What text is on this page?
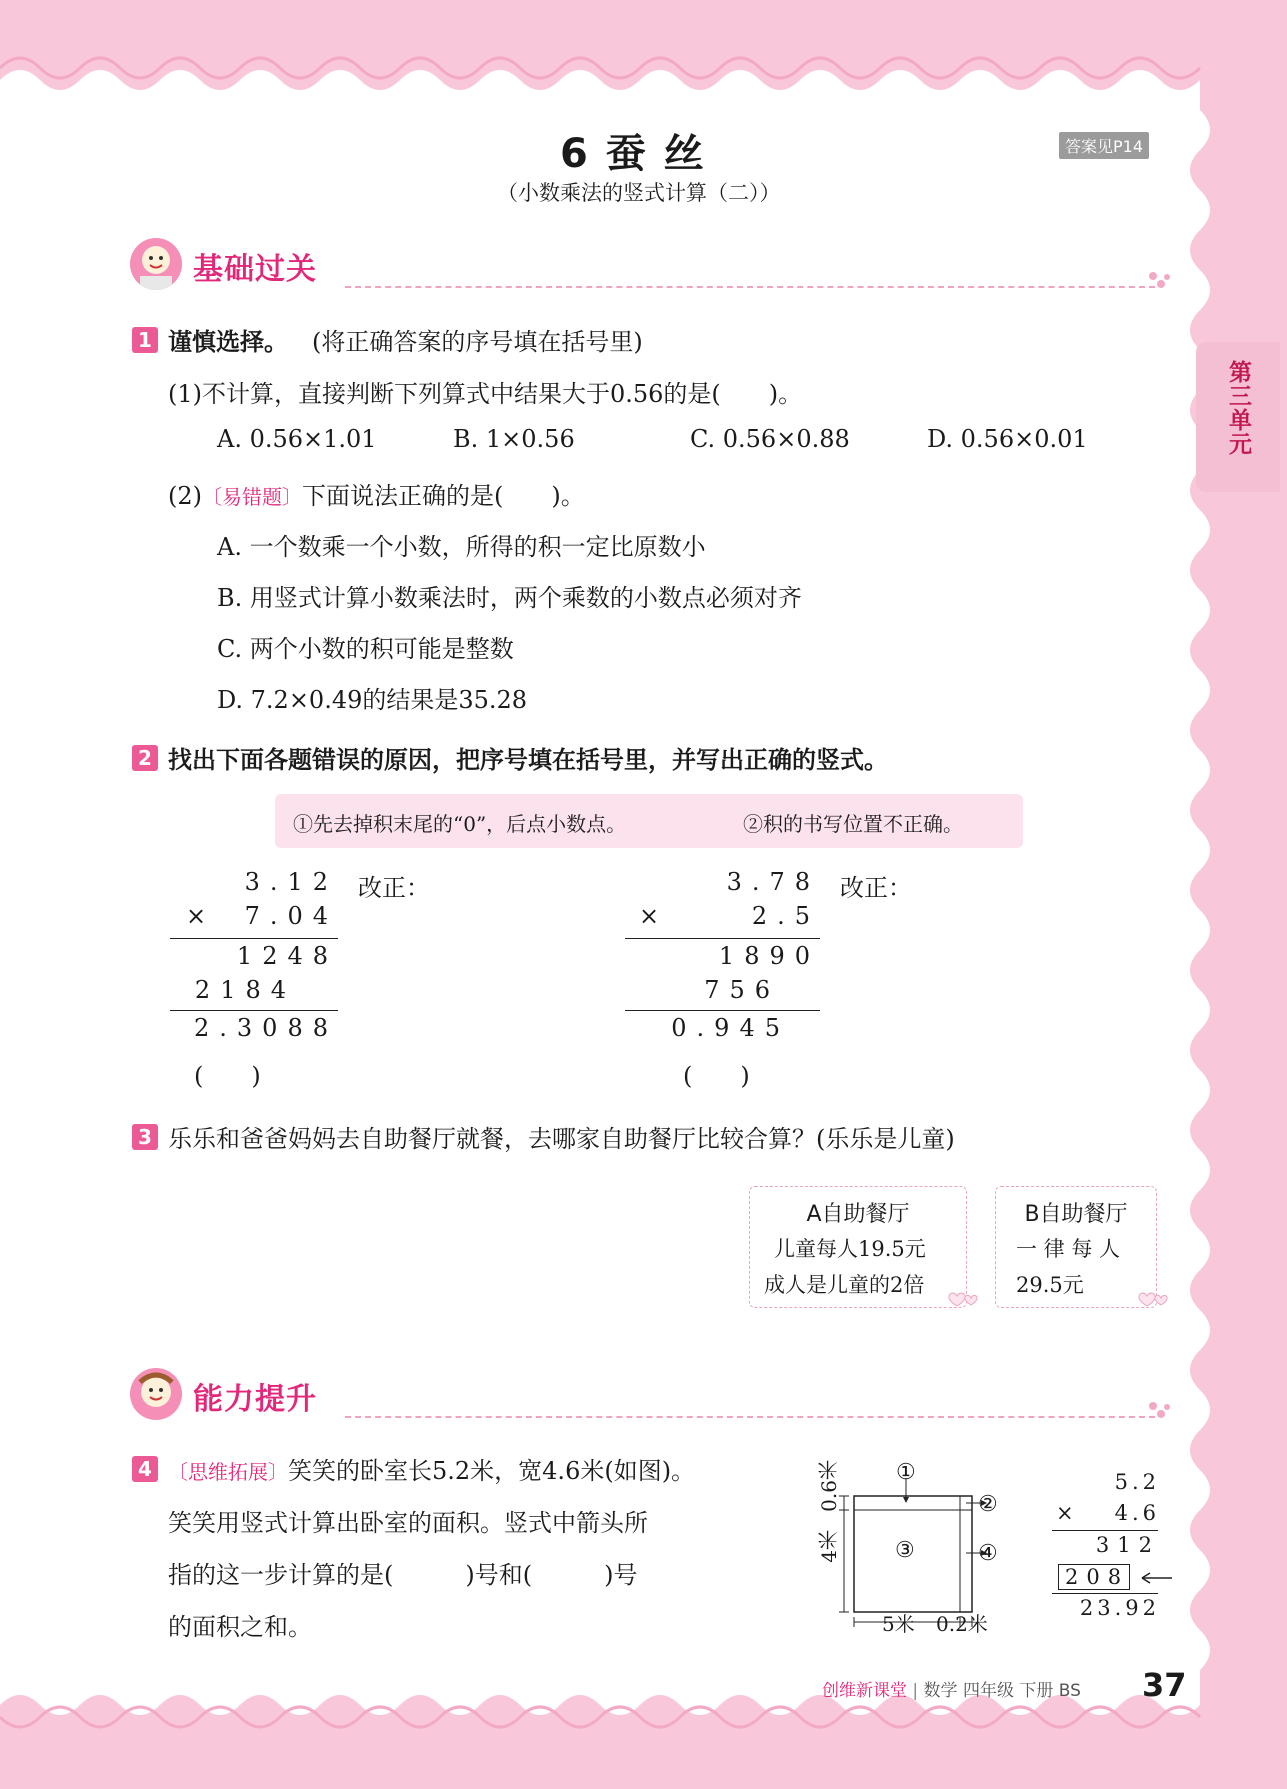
6 蚕 丝
（小数乘法的竖式计算（二））
答案见P14
第三单元
基础过关
1 谨慎选择。 (将正确答案的序号填在括号里)
(1)不计算，直接判断下列算式中结果大于0.56的是(　　)。
A. 0.56×1.01	B. 1×0.56	C. 0.56×0.88	D. 0.56×0.01
(2)〔易错题〕下面说法正确的是(　　)。
A. 一个数乘一个小数，所得的积一定比原数小
B. 用竖式计算小数乘法时，两个乘数的小数点必须对齐
C. 两个小数的积可能是整数
D. 7.2×0.49的结果是35.28
2 找出下面各题错误的原因，把序号填在括号里，并写出正确的竖式。
①先去掉积末尾的“0”，后点小数点。	②积的书写位置不正确。
3.12
× 7.04
1248
2184
2.3088
(　　)
改正：	3.78
×	2.5
1890
756
0.945
(　　)
改正：
3 乐乐和爸爸妈妈去自助餐厅就餐，去哪家自助餐厅比较合算？(乐乐是儿童)
A自助餐厅
儿童每人19.5元
成人是儿童的2倍
B自助餐厅
一 律 每 人
29.5元
能力提升
4 〔思维拓展〕笑笑的卧室长5.2米，宽4.6米(如图)。
笑笑用竖式计算出卧室的面积。竖式中箭头所
指的这一步计算的是(　　　)号和(　　　)号
的面积之和。
①
②
③	④
0.6米
4米
5米 0.2米
5.2
× 4.6
312
208
23.92
创维新课堂 | 数学 四年级 下册 BS 37
